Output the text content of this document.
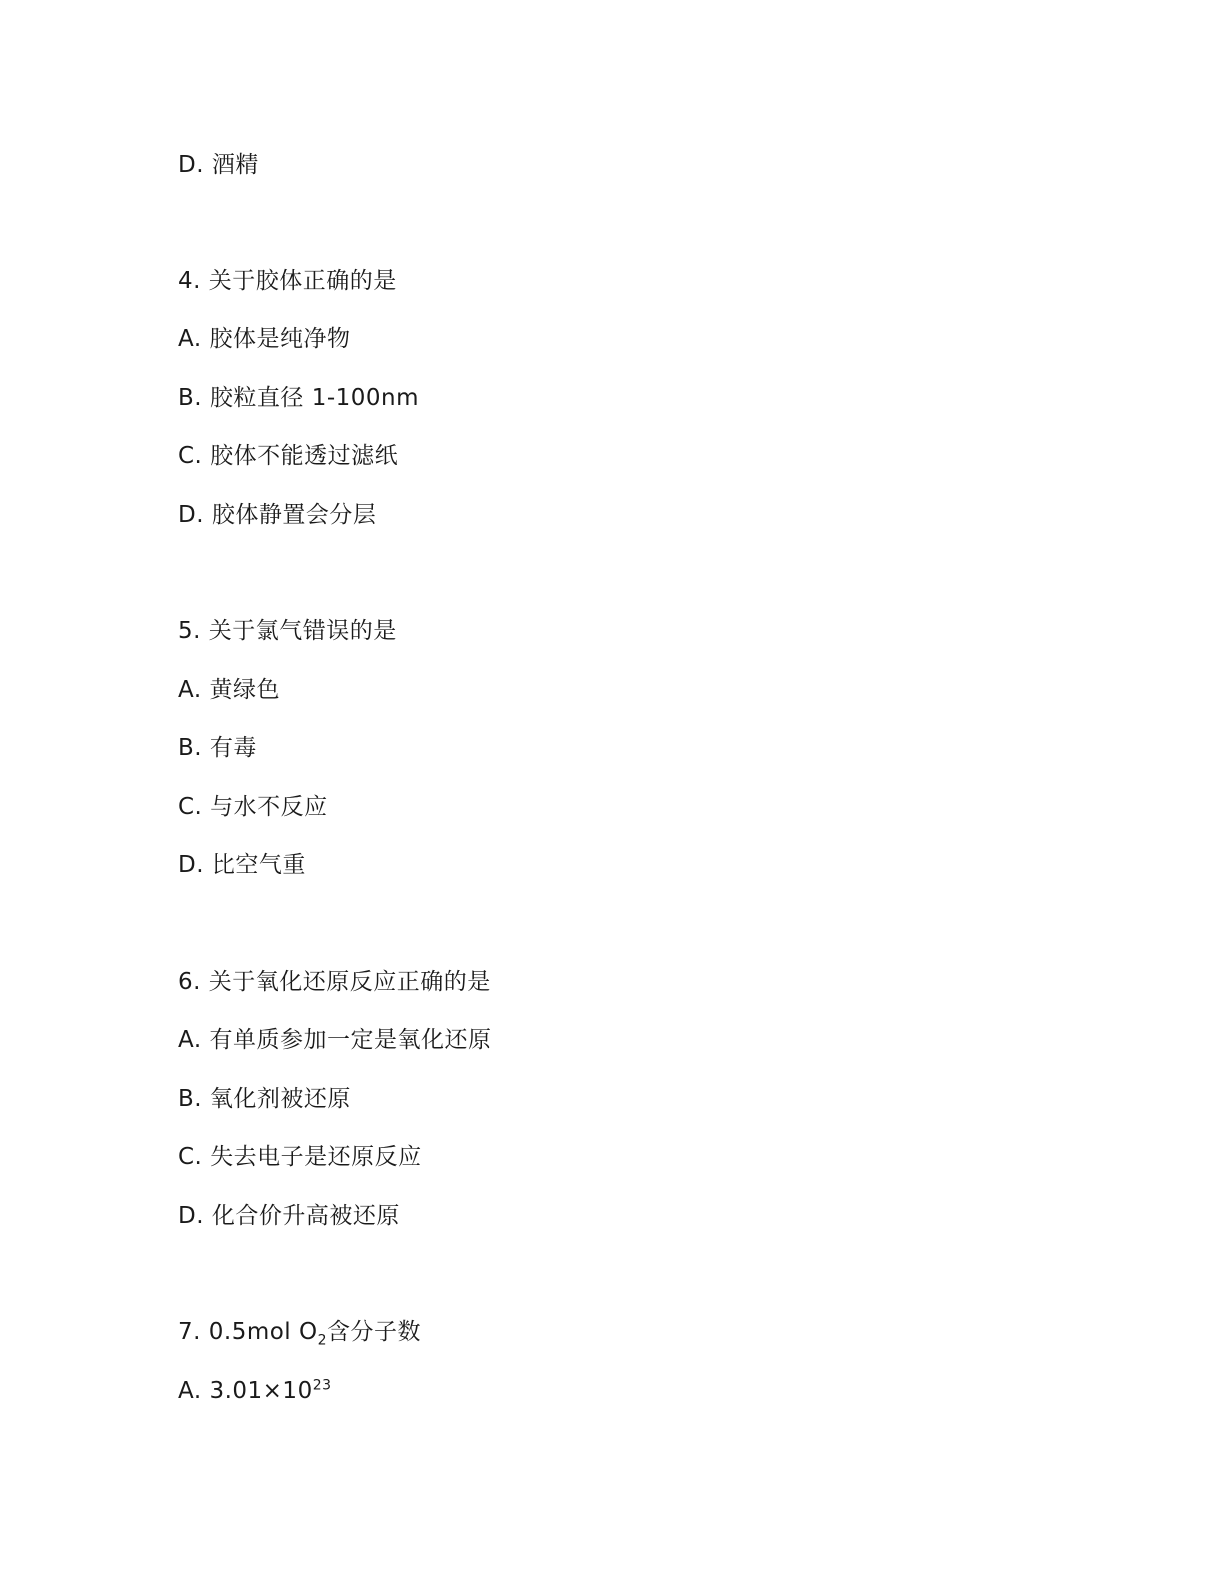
D. 酒精
4. 关于胶体正确的是
A. 胶体是纯净物
B. 胶粒直径 1-100nm
C. 胶体不能透过滤纸
D. 胶体静置会分层
5. 关于氯气错误的是
A. 黄绿色
B. 有毒
C. 与水不反应
D. 比空气重
6. 关于氧化还原反应正确的是
A. 有单质参加一定是氧化还原
B. 氧化剂被还原
C. 失去电子是还原反应
D. 化合价升高被还原
7. 0.5mol $O_2$含分子数
A. $3.01\times 10^{23}$
